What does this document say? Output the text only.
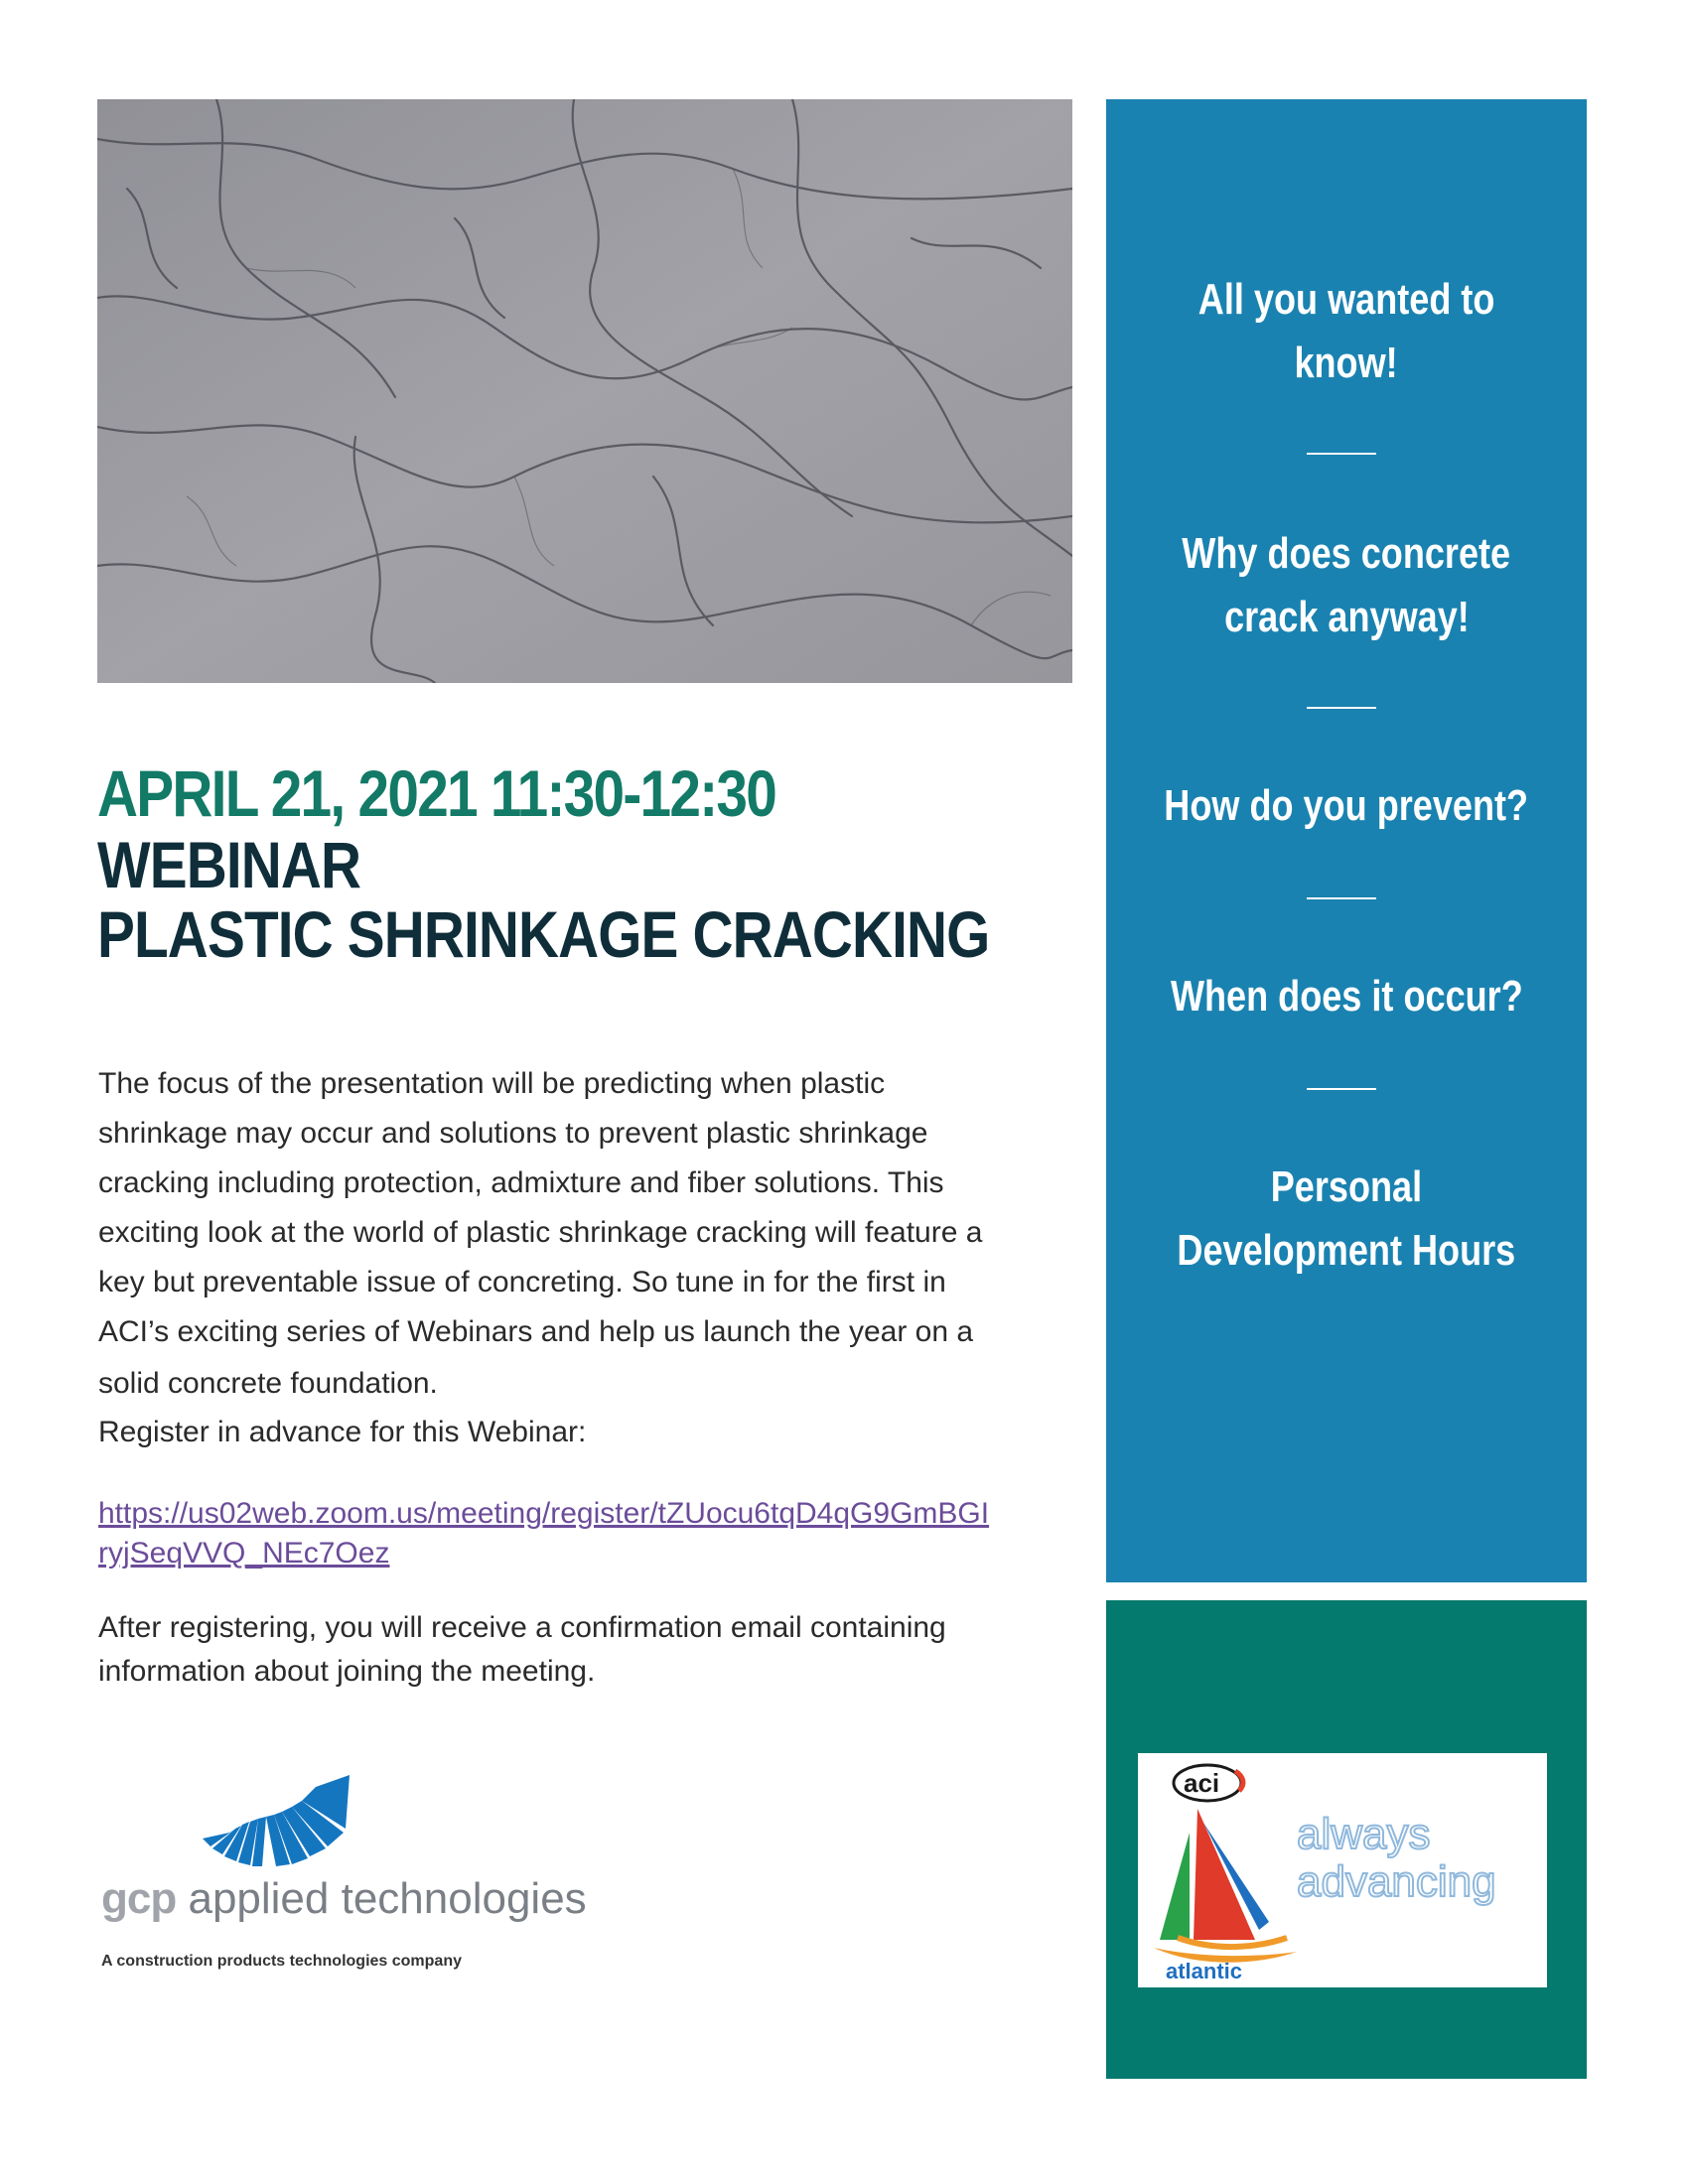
APRIL 21, 2021 11:30-12:30
WEBINAR
PLASTIC SHRINKAGE CRACKING
The focus of the presentation will be predicting when plastic
shrinkage may occur and solutions to prevent plastic shrinkage
cracking including protection, admixture and fiber solutions. This
exciting look at the world of plastic shrinkage cracking will feature a
key but preventable issue of concreting. So tune in for the first in
ACI’s exciting series of Webinars and help us launch the year on a
solid concrete foundation.
Register in advance for this Webinar:
https://us02web.zoom.us/meeting/register/tZUocu6tqD4qG9GmBGI
ryjSeqVVQ_NEc7Oez
After registering, you will receive a confirmation email containing
information about joining the meeting.
gcp applied technologies
A construction products technologies company
All you wanted to
know!
Why does concrete
crack anyway!
How do you prevent?
When does it occur?
Personal
Development Hours
aci
atlantic
always
advancing
